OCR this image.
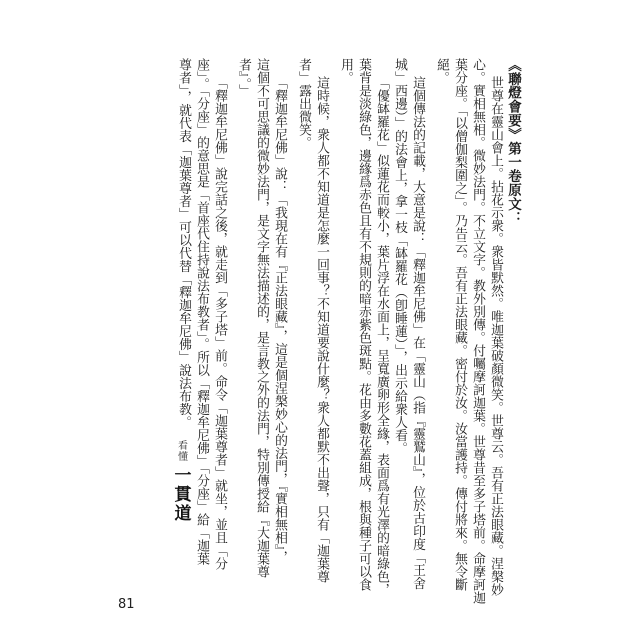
《聯燈會要》第一卷原文：
世尊在靈山會上。拈花示衆。衆皆默然。唯迦葉破顏微笑。世尊云。吾有正法眼藏。涅槃妙
心。實相無相。微妙法門。不立文字。教外別傳。付囑摩訶迦葉。世尊昔至多子塔前。命摩訶迦
葉分座。「以僧伽梨圍之」。乃告云。吾有正法眼藏。密付於汝。汝當護持。傳付將來。無令斷
絕。
這個傳法的記載，大意是說：「釋迦牟尼佛」在「靈山（指『靈鷲山』，位於古印度「王舍
城」西邊）」的法會上，拿一枝「缽羅花（卽睡蓮）」，出示給衆人看。
「優缽羅花」似蓮花而較小，葉片浮在水面上，呈寬廣卵形全緣，表面爲有光澤的暗綠色，
葉背是淡綠色，邊緣爲赤色且有不規則的暗赤紫色斑點。花由多數花蓋組成，根與種子可以食
用。
這時候，衆人都不知道是怎麼一回事？不知道要說什麼？衆人都默不出聲，只有「迦葉尊
者」露出微笑。
「釋迦牟尼佛」說：「我現在有『正法眼藏』，這是個涅槃妙心的法門，『實相無相』，
這個不可思議的微妙法門，是文字無法描述的，是言教之外的法門，特別傳授給『大迦葉尊
者』。」
「釋迦牟尼佛」說完話之後，就走到「多子塔」前。命令「迦葉尊者」就坐，並且「分
座」。「分座」的意思是「首座代住持說法布教者」。所以「釋迦牟尼佛」「分座」給「迦葉
尊者」，就代表「迦葉尊者」可以代替「釋迦牟尼佛」說法布教。
看懂
一貫道
81
